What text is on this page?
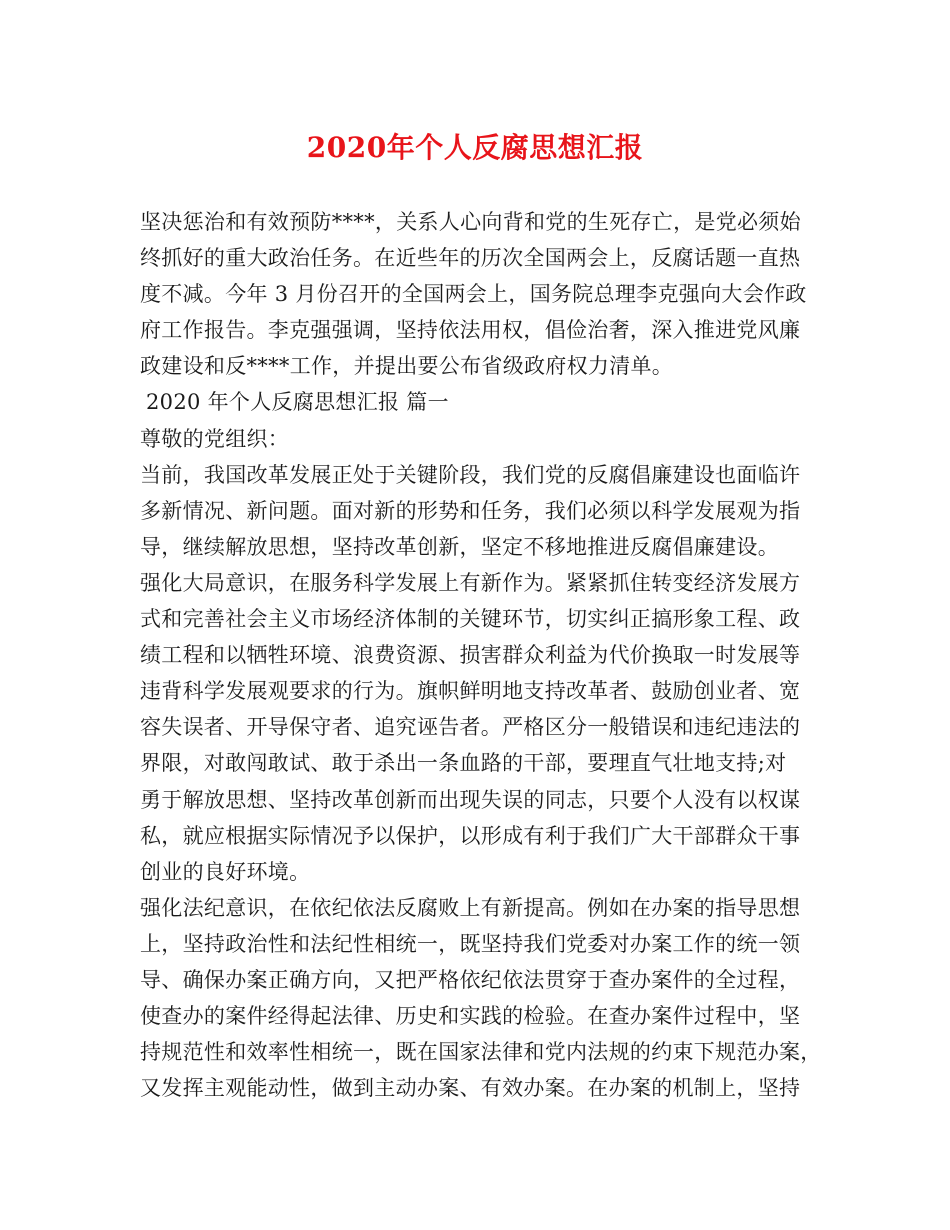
2020年个人反腐思想汇报
坚决惩治和有效预防****，关系人心向背和党的生死存亡，是党必须始
终抓好的重大政治任务。在近些年的历次全国两会上，反腐话题一直热
度不减。今年 3 月份召开的全国两会上，国务院总理李克强向大会作政
府工作报告。李克强强调，坚持依法用权，倡俭治奢，深入推进党风廉
政建设和反****工作，并提出要公布省级政府权力清单。
2020 年个人反腐思想汇报 篇一
尊敬的党组织：
当前，我国改革发展正处于关键阶段，我们党的反腐倡廉建设也面临许
多新情况、新问题。面对新的形势和任务，我们必须以科学发展观为指
导，继续解放思想，坚持改革创新，坚定不移地推进反腐倡廉建设。
强化大局意识，在服务科学发展上有新作为。紧紧抓住转变经济发展方
式和完善社会主义市场经济体制的关键环节，切实纠正搞形象工程、政
绩工程和以牺牲环境、浪费资源、损害群众利益为代价换取一时发展等
违背科学发展观要求的行为。旗帜鲜明地支持改革者、鼓励创业者、宽
容失误者、开导保守者、追究诬告者。严格区分一般错误和违纪违法的
界限，对敢闯敢试、敢于杀出一条血路的干部，要理直气壮地支持;对
勇于解放思想、坚持改革创新而出现失误的同志，只要个人没有以权谋
私，就应根据实际情况予以保护，以形成有利于我们广大干部群众干事
创业的良好环境。
强化法纪意识，在依纪依法反腐败上有新提高。例如在办案的指导思想
上，坚持政治性和法纪性相统一，既坚持我们党委对办案工作的统一领
导、确保办案正确方向，又把严格依纪依法贯穿于查办案件的全过程，
使查办的案件经得起法律、历史和实践的检验。在查办案件过程中，坚
持规范性和效率性相统一，既在国家法律和党内法规的约束下规范办案，
又发挥主观能动性，做到主动办案、有效办案。在办案的机制上，坚持
